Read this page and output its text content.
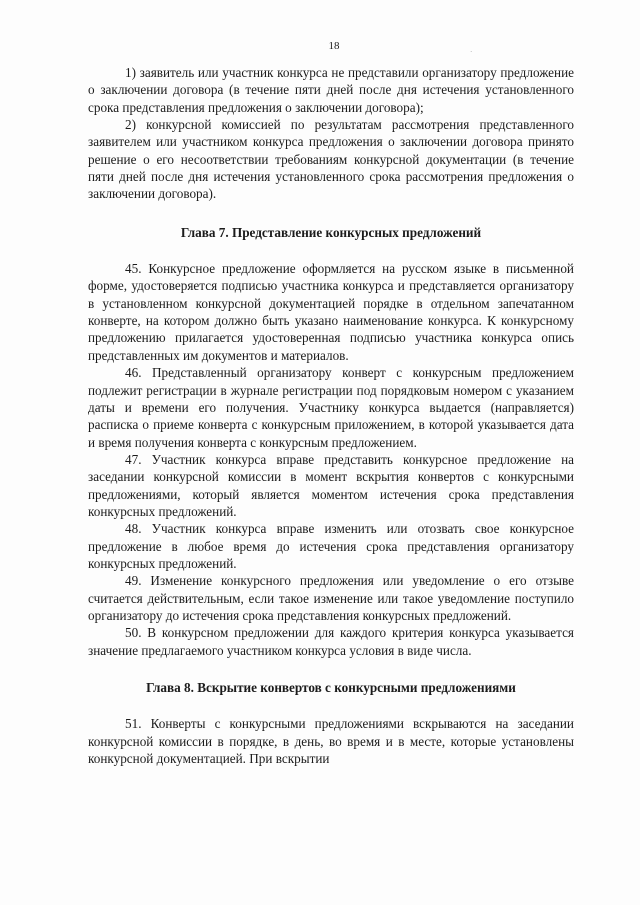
·
18

1) заявитель или участник конкурса не представили организатору предложение о заключении договора (в течение пяти дней после дня истечения установленного срока представления предложения о заключении договора);

2) конкурсной комиссией по результатам рассмотрения представленного заявителем или участником конкурса предложения о заключении договора принято решение о его несоответствии требованиям конкурсной документации (в течение пяти дней после дня истечения установленного срока рассмотрения предложения о заключении договора).

Глава 7. Представление конкурсных предложений

45. Конкурсное предложение оформляется на русском языке в письменной форме, удостоверяется подписью участника конкурса и представляется организатору в установленном конкурсной документацией порядке в отдельном запечатанном конверте, на котором должно быть указано наименование конкурса. К конкурсному предложению прилагается удостоверенная подписью участника конкурса опись представленных им документов и материалов.

46. Представленный организатору конверт с конкурсным предложением подлежит регистрации в журнале регистрации под порядковым номером с указанием даты и времени его получения. Участнику конкурса выдается (направляется) расписка о приеме конверта с конкурсным приложением, в которой указывается дата и время получения конверта с конкурсным предложением.

47. Участник конкурса вправе представить конкурсное предложение на заседании конкурсной комиссии в момент вскрытия конвертов с конкурсными предложениями, который является моментом истечения срока представления конкурсных предложений.

48. Участник конкурса вправе изменить или отозвать свое конкурсное предложение в любое время до истечения срока представления организатору конкурсных предложений.

49. Изменение конкурсного предложения или уведомление о его отзыве считается действительным, если такое изменение или такое уведомление поступило организатору до истечения срока представления конкурсных предложений.

50. В конкурсном предложении для каждого критерия конкурса указывается значение предлагаемого участником конкурса условия в виде числа.

Глава 8. Вскрытие конвертов с конкурсными предложениями

51. Конверты с конкурсными предложениями вскрываются на заседании конкурсной комиссии в порядке, в день, во время и в месте, которые установлены конкурсной документацией. При вскрытии
